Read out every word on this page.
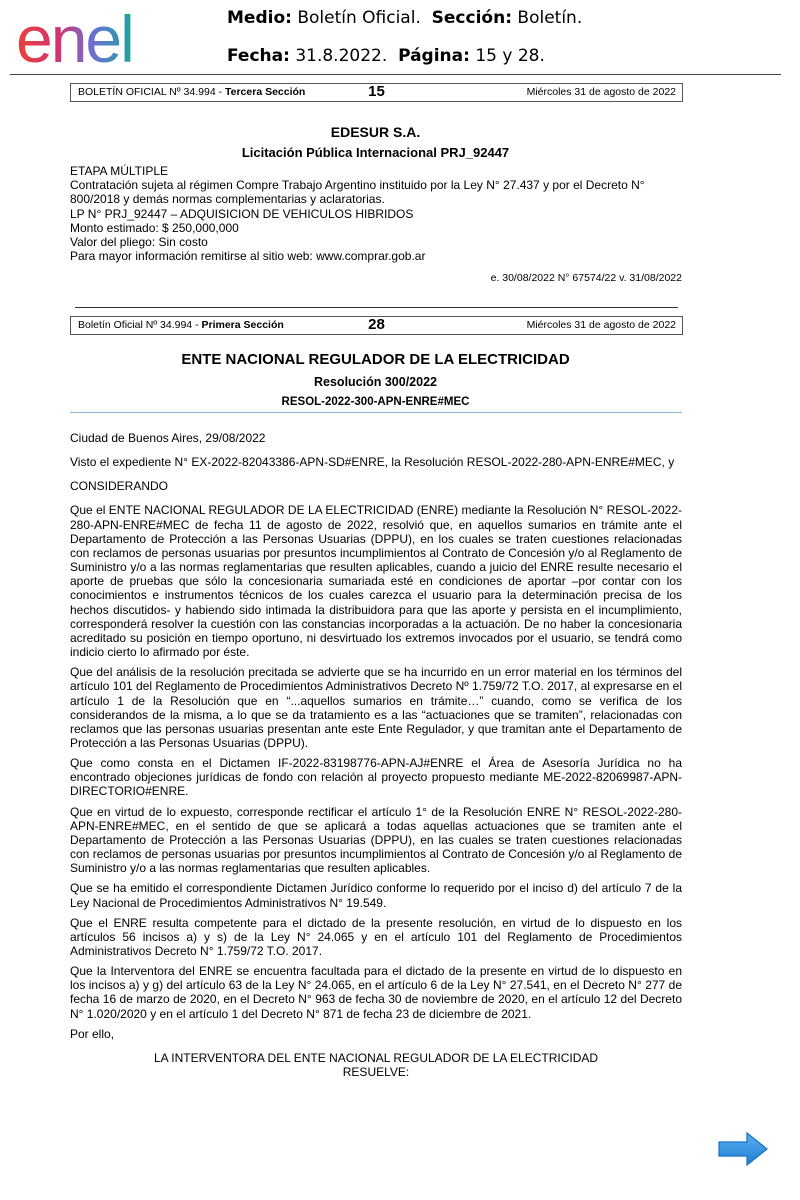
enel	Medio: Boletín Oficial. Sección: Boletín.
Fecha: 31.8.2022. Página: 15 y 28.
BOLETÍN OFICIAL Nº 34.994 - Tercera Sección	15	Miércoles 31 de agosto de 2022
EDESUR S.A.
Licitación Pública Internacional PRJ_92447

ETAPA MÚLTIPLE

Contratación sujeta al régimen Compre Trabajo Argentino instituido por la Ley N° 27.437 y por el Decreto N° 800/2018 y demás normas complementarias y aclaratorias.

LP N° PRJ_92447 – ADQUISICION DE VEHICULOS HIBRIDOS

Monto estimado: $ 250,000,000

Valor del pliego: Sin costo

Para mayor información remitirse al sitio web: www.comprar.gob.ar

e. 30/08/2022 N° 67574/22 v. 31/08/2022

Boletín Oficial Nº 34.994 - Primera Sección	28	Miércoles 31 de agosto de 2022
ENTE NACIONAL REGULADOR DE LA ELECTRICIDAD
Resolución 300/2022
RESOL-2022-300-APN-ENRE#MEC

Ciudad de Buenos Aires, 29/08/2022

Visto el expediente N° EX-2022-82043386-APN-SD#ENRE, la Resolución RESOL-2022-280-APN-ENRE#MEC, y

CONSIDERANDO

Que el ENTE NACIONAL REGULADOR DE LA ELECTRICIDAD (ENRE) mediante la Resolución N° RESOL-2022-280-APN-ENRE#MEC de fecha 11 de agosto de 2022, resolvió que, en aquellos sumarios en trámite ante el Departamento de Protección a las Personas Usuarias (DPPU), en los cuales se traten cuestiones relacionadas con reclamos de personas usuarias por presuntos incumplimientos al Contrato de Concesión y/o al Reglamento de Suministro y/o a las normas reglamentarias que resulten aplicables, cuando a juicio del ENRE resulte necesario el aporte de pruebas que sólo la concesionaria sumariada esté en condiciones de aportar –por contar con los conocimientos e instrumentos técnicos de los cuales carezca el usuario para la determinación precisa de los hechos discutidos- y habiendo sido intimada la distribuidora para que las aporte y persista en el incumplimiento, corresponderá resolver la cuestión con las constancias incorporadas a la actuación. De no haber la concesionaria acreditado su posición en tiempo oportuno, ni desvirtuado los extremos invocados por el usuario, se tendrá como indicio cierto lo afirmado por éste.

Que del análisis de la resolución precitada se advierte que se ha incurrido en un error material en los términos del artículo 101 del Reglamento de Procedimientos Administrativos Decreto Nº 1.759/72 T.O. 2017, al expresarse en el artículo 1 de la Resolución que en “...aquellos sumarios en trámite…” cuando, como se verifica de los considerandos de la misma, a lo que se da tratamiento es a las “actuaciones que se tramiten”, relacionadas con reclamos que las personas usuarias presentan ante este Ente Regulador, y que tramitan ante el Departamento de Protección a las Personas Usuarias (DPPU).

Que como consta en el Dictamen IF-2022-83198776-APN-AJ#ENRE el Área de Asesoría Jurídica no ha encontrado objeciones jurídicas de fondo con relación al proyecto propuesto mediante ME-2022-82069987-APN-DIRECTORIO#ENRE.

Que en virtud de lo expuesto, corresponde rectificar el artículo 1° de la Resolución ENRE N° RESOL-2022-280-APN-ENRE#MEC, en el sentido de que se aplicará a todas aquellas actuaciones que se tramiten ante el Departamento de Protección a las Personas Usuarias (DPPU), en las cuales se traten cuestiones relacionadas con reclamos de personas usuarias por presuntos incumplimientos al Contrato de Concesión y/o al Reglamento de Suministro y/o a las normas reglamentarias que resulten aplicables.

Que se ha emitido el correspondiente Dictamen Jurídico conforme lo requerido por el inciso d) del artículo 7 de la Ley Nacional de Procedimientos Administrativos N° 19.549.

Que el ENRE resulta competente para el dictado de la presente resolución, en virtud de lo dispuesto en los artículos 56 incisos a) y s) de la Ley N° 24.065 y en el artículo 101 del Reglamento de Procedimientos Administrativos Decreto N° 1.759/72 T.O. 2017.

Que la Interventora del ENRE se encuentra facultada para el dictado de la presente en virtud de lo dispuesto en los incisos a) y g) del artículo 63 de la Ley N° 24.065, en el artículo 6 de la Ley N° 27.541, en el Decreto N° 277 de fecha 16 de marzo de 2020, en el Decreto N° 963 de fecha 30 de noviembre de 2020, en el artículo 12 del Decreto N° 1.020/2020 y en el artículo 1 del Decreto N° 871 de fecha 23 de diciembre de 2021.

Por ello,

LA INTERVENTORA DEL ENTE NACIONAL REGULADOR DE LA ELECTRICIDAD

RESUELVE:
